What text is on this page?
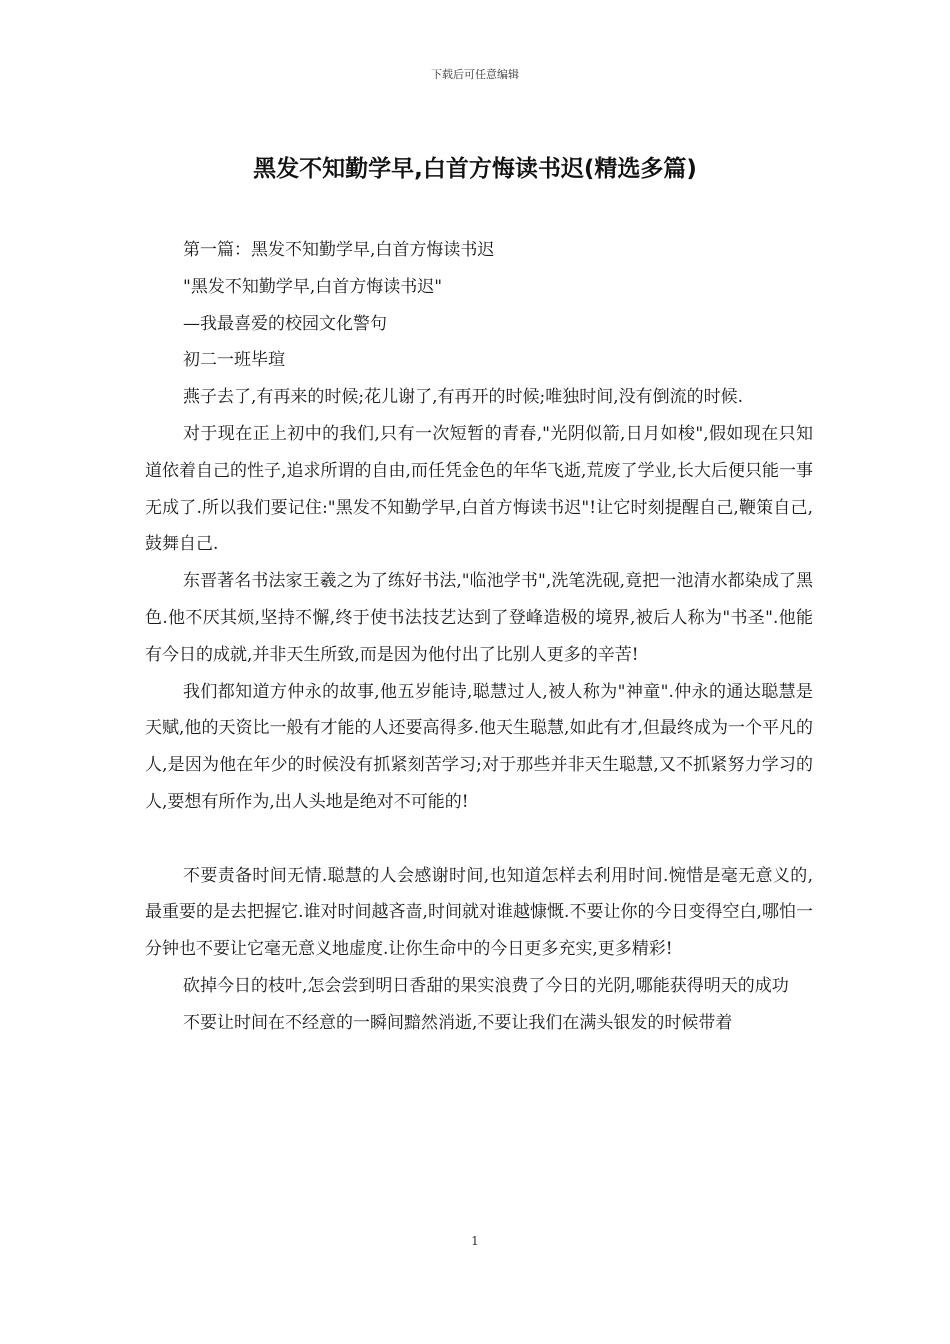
下载后可任意编辑
黑发不知勤学早,白首方悔读书迟(精选多篇)

第一篇：黑发不知勤学早,白首方悔读书迟

"黑发不知勤学早,白首方悔读书迟"

—我最喜爱的校园文化警句

初二一班毕瑄

燕子去了,有再来的时候;花儿谢了,有再开的时候;唯独时间,没有倒流的时候.

对于现在正上初中的我们,只有一次短暂的青春,"光阴似箭,日月如梭",假如现在只知道依着自己的性子,追求所谓的自由,而任凭金色的年华飞逝,荒废了学业,长大后便只能一事无成了.所以我们要记住:"黑发不知勤学早,白首方悔读书迟"!让它时刻提醒自己,鞭策自己,鼓舞自己.

东晋著名书法家王羲之为了练好书法,"临池学书",洗笔洗砚,竟把一池清水都染成了黑色.他不厌其烦,坚持不懈,终于使书法技艺达到了登峰造极的境界,被后人称为"书圣".他能有今日的成就,并非天生所致,而是因为他付出了比别人更多的辛苦!

我们都知道方仲永的故事,他五岁能诗,聪慧过人,被人称为"神童".仲永的通达聪慧是天赋,他的天资比一般有才能的人还要高得多.他天生聪慧,如此有才,但最终成为一个平凡的人,是因为他在年少的时候没有抓紧刻苦学习;对于那些并非天生聪慧,又不抓紧努力学习的人,要想有所作为,出人头地是绝对不可能的!

不要责备时间无情.聪慧的人会感谢时间,也知道怎样去利用时间.惋惜是毫无意义的,最重要的是去把握它.谁对时间越吝啬,时间就对谁越慷慨.不要让你的今日变得空白,哪怕一分钟也不要让它毫无意义地虚度.让你生命中的今日更多充实,更多精彩!

砍掉今日的枝叶,怎会尝到明日香甜的果实浪费了今日的光阴,哪能获得明天的成功

不要让时间在不经意的一瞬间黯然消逝,不要让我们在满头银发的时候带着

1
